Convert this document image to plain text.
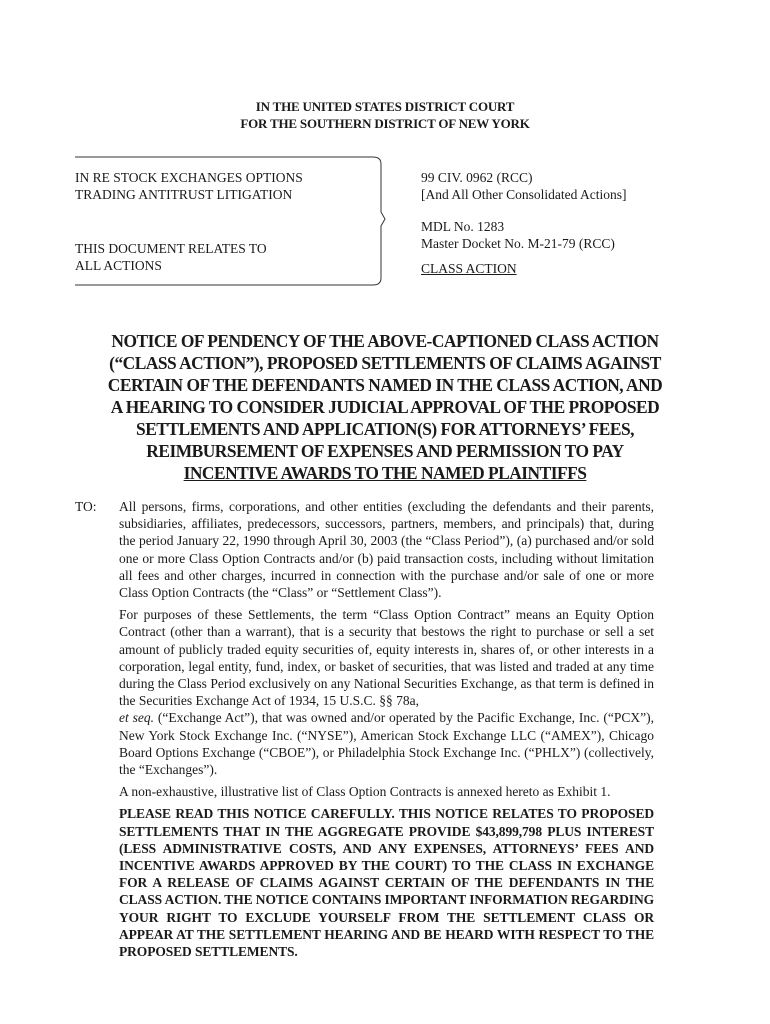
IN THE UNITED STATES DISTRICT COURT
FOR THE SOUTHERN DISTRICT OF NEW YORK
IN RE STOCK EXCHANGES OPTIONS
TRADING ANTITRUST LITIGATION
THIS DOCUMENT RELATES TO
ALL ACTIONS
99 CIV. 0962 (RCC)
[And All Other Consolidated Actions]
MDL No. 1283
Master Docket No. M-21-79 (RCC)
CLASS ACTION
NOTICE OF PENDENCY OF THE ABOVE-CAPTIONED CLASS ACTION
(“CLASS ACTION”), PROPOSED SETTLEMENTS OF CLAIMS AGAINST
CERTAIN OF THE DEFENDANTS NAMED IN THE CLASS ACTION, AND
A HEARING TO CONSIDER JUDICIAL APPROVAL OF THE PROPOSED
SETTLEMENTS AND APPLICATION(S) FOR ATTORNEYS’ FEES,
REIMBURSEMENT OF EXPENSES AND PERMISSION TO PAY
INCENTIVE AWARDS TO THE NAMED PLAINTIFFS
TO: All persons, firms, corporations, and other entities (excluding the defendants and their parents, subsidiaries, affiliates, predecessors, successors, partners, members, and principals) that, during the period January 22, 1990 through April 30, 2003 (the “Class Period”), (a) purchased and/or sold one or more Class Option Contracts and/or (b) paid transaction costs, including without limitation all fees and other charges, incurred in connection with the purchase and/or sale of one or more Class Option Contracts (the “Class” or “Settlement Class”).

For purposes of these Settlements, the term “Class Option Contract” means an Equity Option Contract (other than a warrant), that is a security that bestows the right to purchase or sell a set amount of publicly traded equity securities of, equity interests in, shares of, or other interests in a corporation, legal entity, fund, index, or basket of securities, that was listed and traded at any time during the Class Period exclusively on any National Securities Exchange, as that term is defined in the Securities Exchange Act of 1934, 15 U.S.C. §§ 78a,
et seq. (“Exchange Act”), that was owned and/or operated by the Pacific Exchange, Inc. (“PCX”), New York Stock Exchange Inc. (“NYSE”), American Stock Exchange LLC (“AMEX”), Chicago Board Options Exchange (“CBOE”), or Philadelphia Stock Exchange Inc. (“PHLX”) (collectively, the “Exchanges”).

A non-exhaustive, illustrative list of Class Option Contracts is annexed hereto as Exhibit 1.

PLEASE READ THIS NOTICE CAREFULLY. THIS NOTICE RELATES TO PROPOSED SETTLEMENTS THAT IN THE AGGREGATE PROVIDE $43,899,798 PLUS INTEREST (LESS ADMINISTRATIVE COSTS, AND ANY EXPENSES, ATTORNEYS’ FEES AND INCENTIVE AWARDS APPROVED BY THE COURT) TO THE CLASS IN EXCHANGE FOR A RELEASE OF CLAIMS AGAINST CERTAIN OF THE DEFENDANTS IN THE CLASS ACTION. THE NOTICE CONTAINS IMPORTANT INFORMATION REGARDING YOUR RIGHT TO EXCLUDE YOURSELF FROM THE SETTLEMENT CLASS OR APPEAR AT THE SETTLEMENT HEARING AND BE HEARD WITH RESPECT TO THE PROPOSED SETTLEMENTS.
